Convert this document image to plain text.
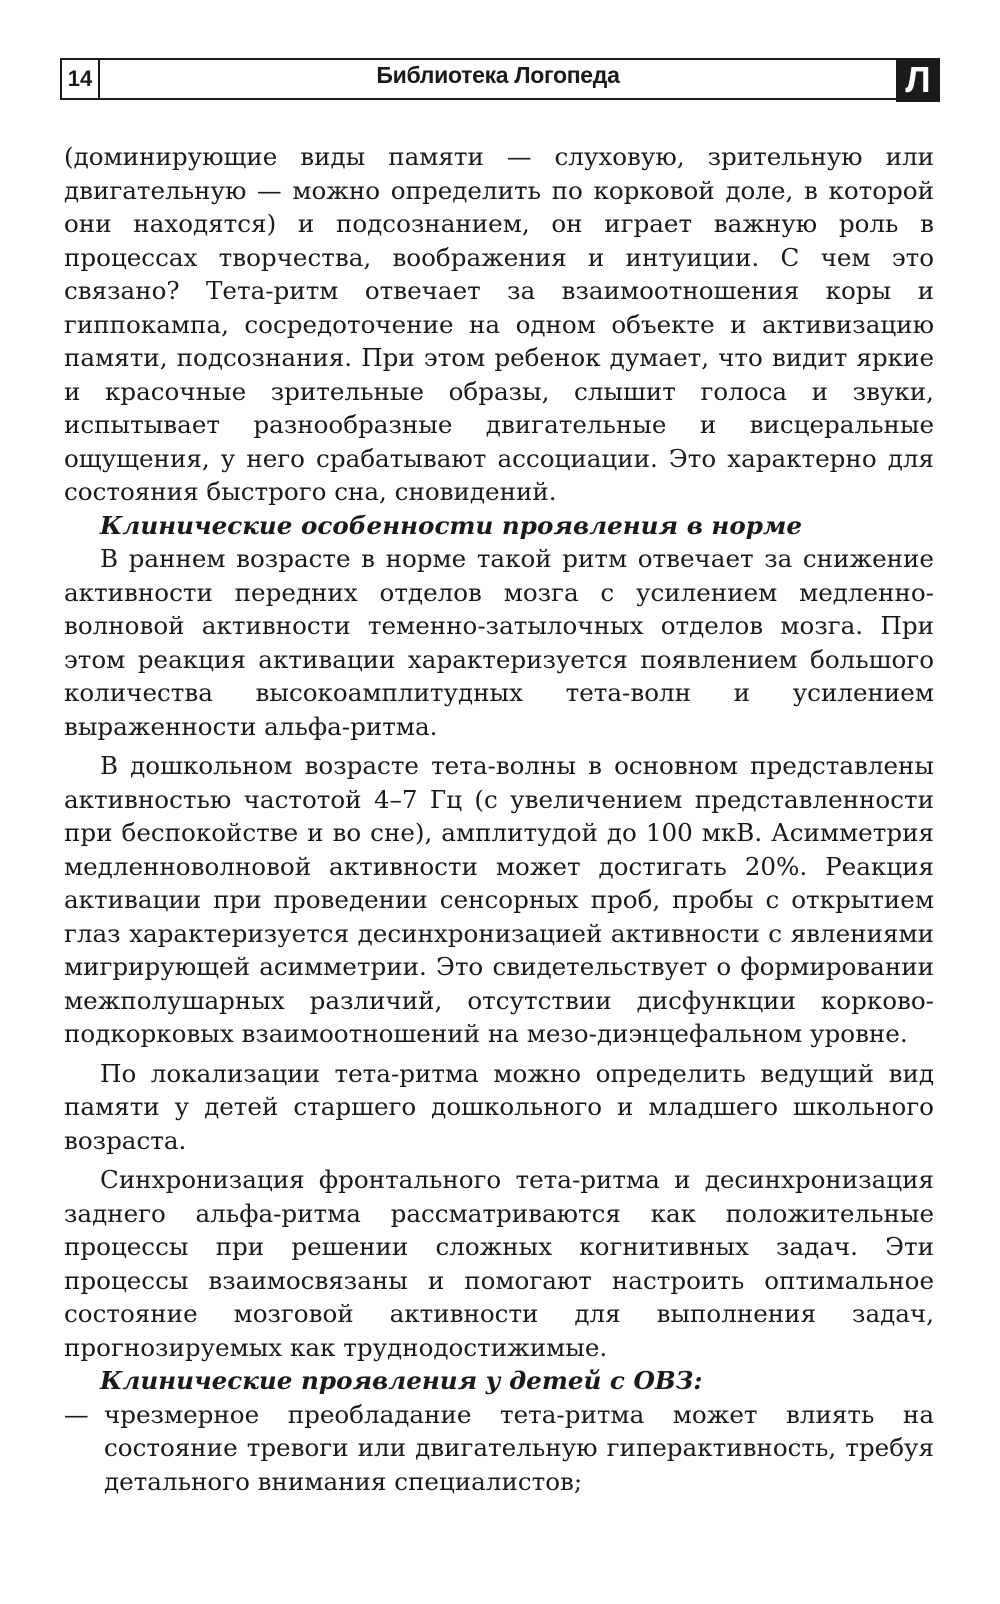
14	Библиотека Логопеда	Л

(доминирующие виды памяти — слуховую, зрительную или двигательную — можно определить по корковой доле, в которой они находятся) и подсознанием, он играет важную роль в процессах творчества, воображения и интуиции. С чем это связано? Тета-ритм отвечает за взаимоотношения коры и гиппокампа, сосредоточение на одном объекте и активизацию памяти, подсознания. При этом ребенок думает, что видит яркие и красочные зрительные образы, слышит голоса и звуки, испытывает разнообразные двигательные и висцеральные ощущения, у него срабатывают ассоциации. Это характерно для состояния быстрого сна, сновидений.

Клинические особенности проявления в норме

В раннем возрасте в норме такой ритм отвечает за снижение активности передних отделов мозга с усилением медленно-волновой активности теменно-затылочных отделов мозга. При этом реакция активации характеризуется появлением большого количества высокоамплитудных тета-волн и усилением выраженности альфа-ритма.

В дошкольном возрасте тета-волны в основном представлены активностью частотой 4–7 Гц (с увеличением представленности при беспокойстве и во сне), амплитудой до 100 мкВ. Асимметрия медленноволновой активности может достигать 20%. Реакция активации при проведении сенсорных проб, пробы с открытием глаз характеризуется десинхронизацией активности с явлениями мигрирующей асимметрии. Это свидетельствует о формировании межполушарных различий, отсутствии дисфункции корково-подкорковых взаимоотношений на мезо-диэнцефальном уровне.

По локализации тета-ритма можно определить ведущий вид памяти у детей старшего дошкольного и младшего школьного возраста.

Синхронизация фронтального тета-ритма и десинхронизация заднего альфа-ритма рассматриваются как положительные процессы при решении сложных когнитивных задач. Эти процессы взаимосвязаны и помогают настроить оптимальное состояние мозговой активности для выполнения задач, прогнозируемых как труднодостижимые.

Клинические проявления у детей с ОВЗ:
— чрезмерное преобладание тета-ритма может влиять на состояние тревоги или двигательную гиперактивность, требуя детального внимания специалистов;
